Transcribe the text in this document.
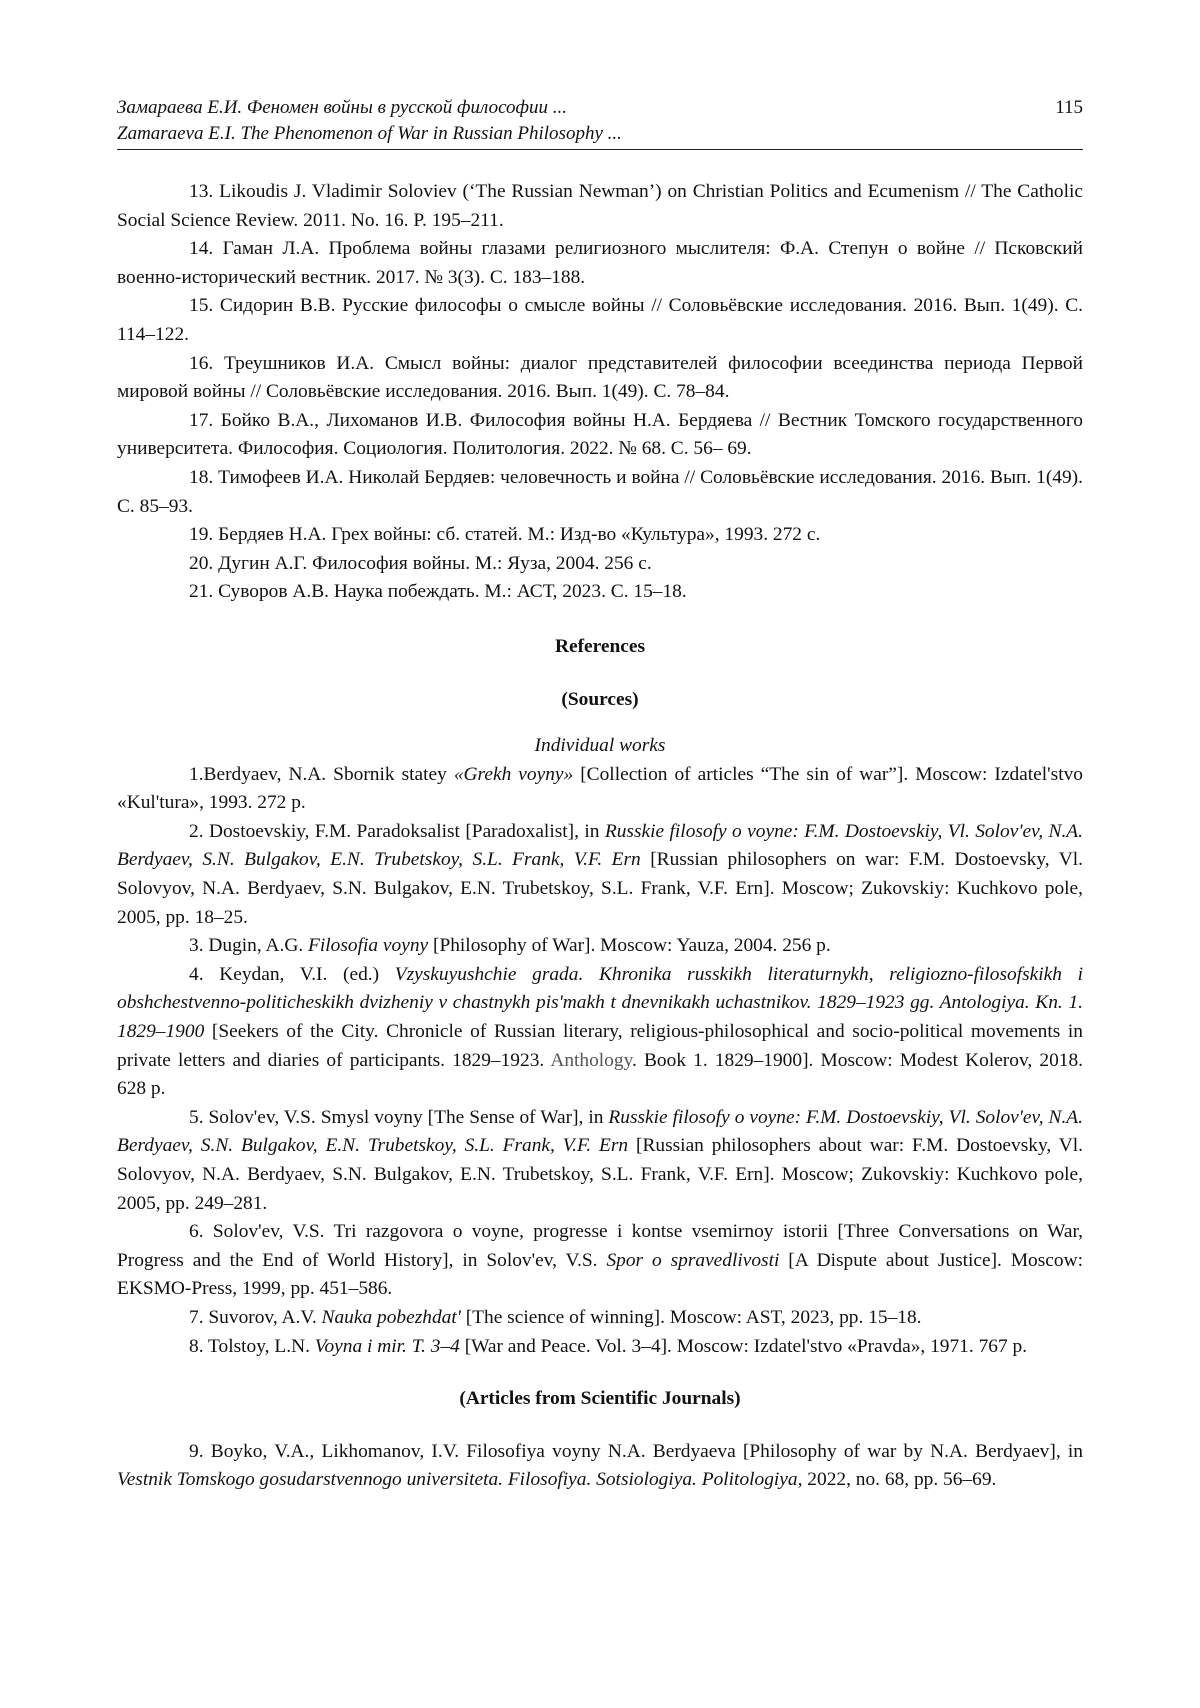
Замараева Е.И. Феномен войны в русской философии ...
Zamaraeva E.I. The Phenomenon of War in Russian Philosophy ...
115

13. Likoudis J. Vladimir Soloviev (‘The Russian Newman’) on Christian Politics and Ecumenism // The Catholic Social Science Review. 2011. No. 16. P. 195–211.

14. Гаман Л.А. Проблема войны глазами религиозного мыслителя: Ф.А. Степун о войне // Псковский военно-исторический вестник. 2017. № 3(3). С. 183–188.

15. Сидорин В.В. Русские философы о смысле войны // Соловьёвские исследования. 2016. Вып. 1(49). С. 114–122.

16. Треушников И.А. Смысл войны: диалог представителей философии всеединства периода Первой мировой войны // Соловьёвские исследования. 2016. Вып. 1(49). С. 78–84.

17. Бойко В.А., Лихоманов И.В. Философия войны Н.А. Бердяева // Вестник Томского государственного университета. Философия. Социология. Политология. 2022. № 68. С. 56– 69.

18. Тимофеев И.А. Николай Бердяев: человечность и война // Соловьёвские исследования. 2016. Вып. 1(49). С. 85–93.

19. Бердяев Н.А. Грех войны: сб. статей. М.: Изд-во «Культура», 1993. 272 с.

20. Дугин А.Г. Философия войны. М.: Яуза, 2004. 256 с.

21. Суворов А.В. Наука побеждать. М.: АСТ, 2023. С. 15–18.

References

(Sources)

Individual works

1.Berdyaev, N.A. Sbornik statey «Grekh voyny» [Collection of articles “The sin of war”]. Moscow: Izdatel'stvo «Kul'tura», 1993. 272 p.

2. Dostoevskiy, F.M. Paradoksalist [Paradoxalist], in Russkie filosofy o voyne: F.M. Dostoevskiy, Vl. Solov'ev, N.A. Berdyaev, S.N. Bulgakov, E.N. Trubetskoy, S.L. Frank, V.F. Ern [Russian philosophers on war: F.M. Dostoevsky, Vl. Solovyov, N.A. Berdyaev, S.N. Bulgakov, E.N. Trubetskoy, S.L. Frank, V.F. Ern]. Moscow; Zukovskiy: Kuchkovo pole, 2005, pp. 18–25.

3. Dugin, A.G. Filosofia voyny [Philosophy of War]. Moscow: Yauza, 2004. 256 p.

4. Keydan, V.I. (ed.) Vzyskuyushchie grada. Khronika russkikh literaturnykh, religiozno-filosofskikh i obshchestvenno-politicheskikh dvizheniy v chastnykh pis'makh t dnevnikakh uchastnikov. 1829–1923 gg. Antologiya. Kn. 1. 1829–1900 [Seekers of the City. Chronicle of Russian literary, religious-philosophical and socio-political movements in private letters and diaries of participants. 1829–1923. Anthology. Book 1. 1829–1900]. Moscow: Modest Kolerov, 2018. 628 p.

5. Solov'ev, V.S. Smysl voyny [The Sense of War], in Russkie filosofy o voyne: F.M. Dostoevskiy, Vl. Solov'ev, N.A. Berdyaev, S.N. Bulgakov, E.N. Trubetskoy, S.L. Frank, V.F. Ern [Russian philosophers about war: F.M. Dostoevsky, Vl. Solovyov, N.A. Berdyaev, S.N. Bulgakov, E.N. Trubetskoy, S.L. Frank, V.F. Ern]. Moscow; Zukovskiy: Kuchkovo pole, 2005, pp. 249–281.

6. Solov'ev, V.S. Tri razgovora o voyne, progresse i kontse vsemirnoy istorii [Three Conversations on War, Progress and the End of World History], in Solov'ev, V.S. Spor o spravedlivosti [A Dispute about Justice]. Moscow: EKSMO-Press, 1999, pp. 451–586.

7. Suvorov, A.V. Nauka pobezhdat' [The science of winning]. Moscow: AST, 2023, pp. 15–18.

8. Tolstoy, L.N. Voyna i mir. T. 3–4 [War and Peace. Vol. 3–4]. Moscow: Izdatel'stvo «Pravda», 1971. 767 p.

(Articles from Scientific Journals)

9. Boyko, V.A., Likhomanov, I.V. Filosofiya voyny N.A. Berdyaeva [Philosophy of war by N.A. Berdyaev], in Vestnik Tomskogo gosudarstvennogo universiteta. Filosofiya. Sotsiologiya. Politologiya, 2022, no. 68, pp. 56–69.
